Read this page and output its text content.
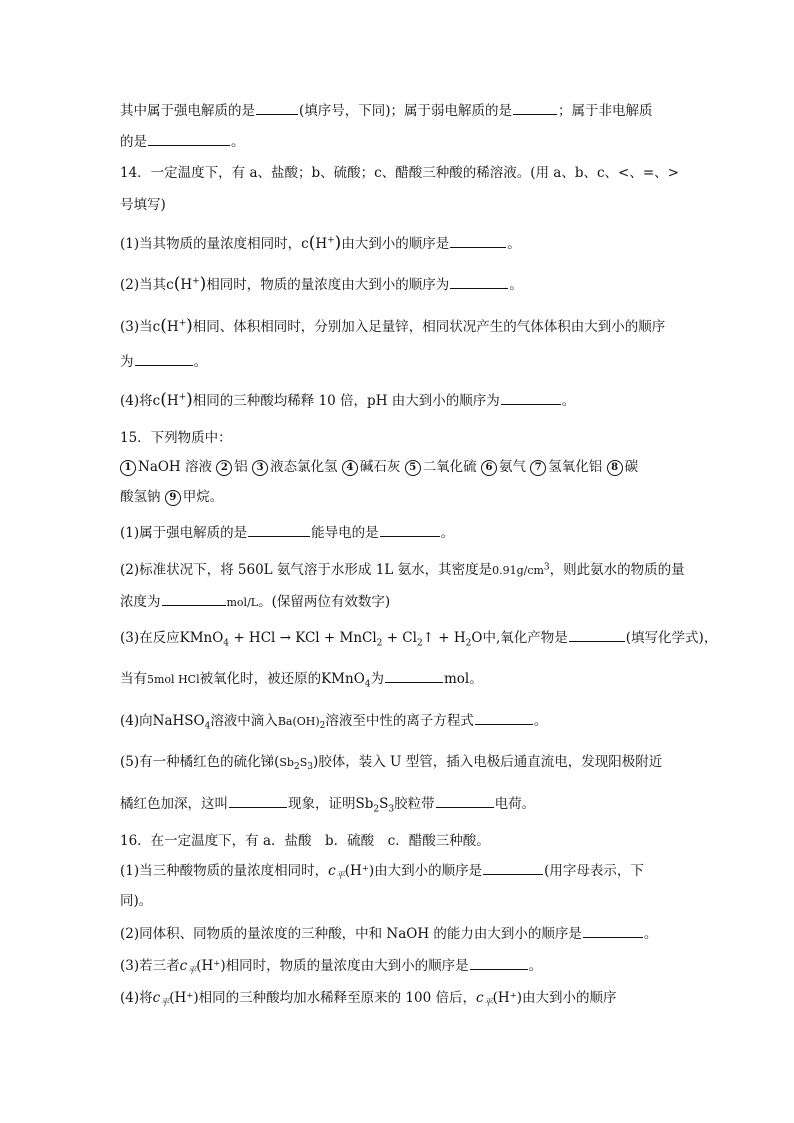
其中属于强电解质的是	(填序号，下同)；属于弱电解质的是	；属于非电解质
的是	。
14．一定温度下，有 a、盐酸；b、硫酸；c、醋酸三种酸的稀溶液。(用 a、b、c、<、=、>
号填写)
(1)当其物质的量浓度相同时，c(H+)由大到小的顺序是	。
(2)当其c(H+)相同时，物质的量浓度由大到小的顺序为	。
(3)当c(H+)相同、体积相同时，分别加入足量锌，相同状况产生的气体体积由大到小的顺序
为	。
(4)将c(H+)相同的三种酸均稀释 10 倍，pH 由大到小的顺序为	。
15．下列物质中：
1 NaOH 溶液 2 铝 3 液态氯化氢 4 碱石灰 5 二氧化硫 6 氨气 7 氢氧化铝 8 碳
酸氢钠 9 甲烷。
(1)属于强电解质的是	能导电的是	。
(2)标准状况下，将 560L 氨气溶于水形成 1L 氨水，其密度是$0.91g/cm^3$，则此氨水的物质的量
浓度为	mol/L。(保留两位有效数字)
(3)在反应KMnO$_4$ + HCl → KCl + MnCl$_2$ + $Cl_2↑ + H_2O$中,氧化产物是	(填写化学式)，
当有5mol HCl被氧化时，被还原的KMnO$_4$为	mol。
(4)向NaHSO$_4$溶液中滴入$Ba(OH)_2$溶液至中性的离子方程式	。
(5)有一种橘红色的硫化锑$(Sb_2S_3)$胶体，装入 U 型管，插入电极后通直流电，发现阳极附近
橘红色加深，这叫	现象，证明$Sb_2S_3$胶粒带	电荷。
16．在一定温度下，有 a．盐酸　b．硫酸　c．醋酸三种酸。
(1)当三种酸物质的量浓度相同时，$c_平(H^+)$由大到小的顺序是	(用字母表示，下
同)。
(2)同体积、同物质的量浓度的三种酸，中和 NaOH 的能力由大到小的顺序是	。
(3)若三者$c_平(H^+)$相同时，物质的量浓度由大到小的顺序是	。
(4)将$c_平(H^+)$相同的三种酸均加水稀释至原来的 100 倍后，$c_平(H^+)$由大到小的顺序
